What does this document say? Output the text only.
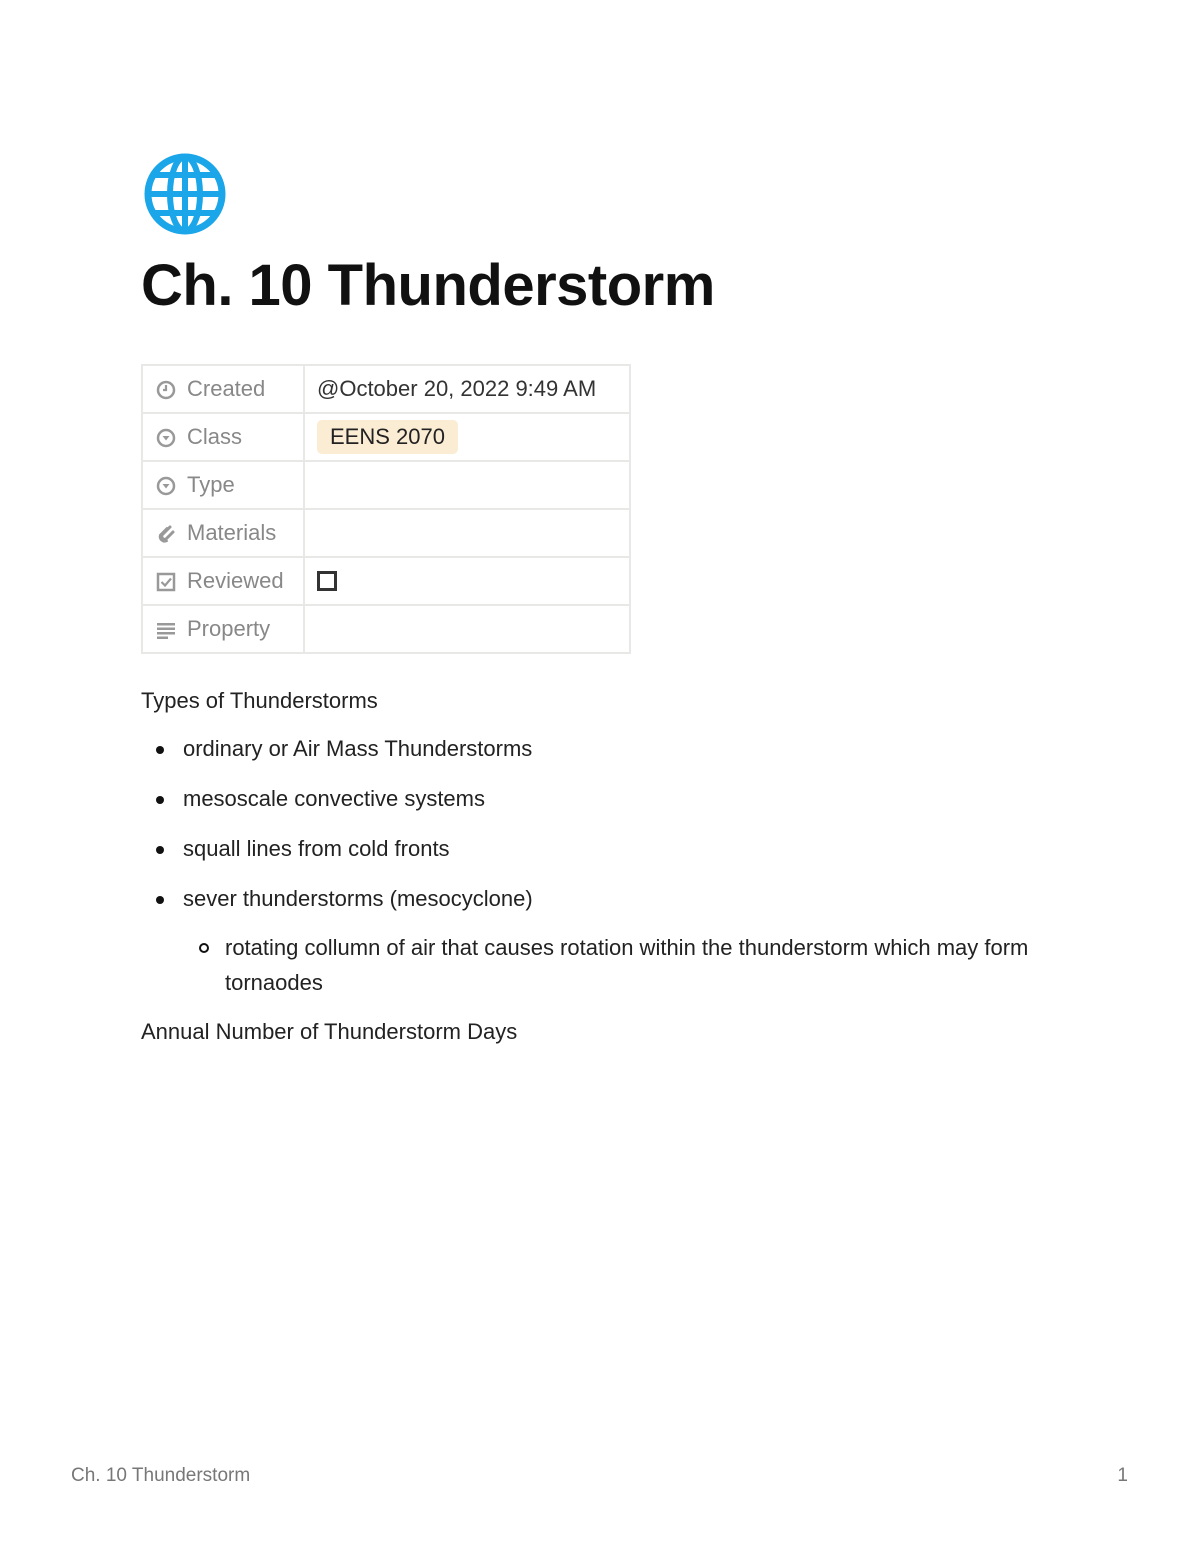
Ch. 10 Thunderstorm
Created	@October 20, 2022 9:49 AM

Class	EENS 2070

Type	

Materials	

Reviewed	

Property	

Types of Thunderstorms

ordinary or Air Mass Thunderstorms
mesoscale convective systems
squall lines from cold fronts
sever thunderstorms (mesocyclone)
rotating collumn of air that causes rotation within the thunderstorm which may form tornaodes

Annual Number of Thunderstorm Days

Ch. 10 Thunderstorm	1
